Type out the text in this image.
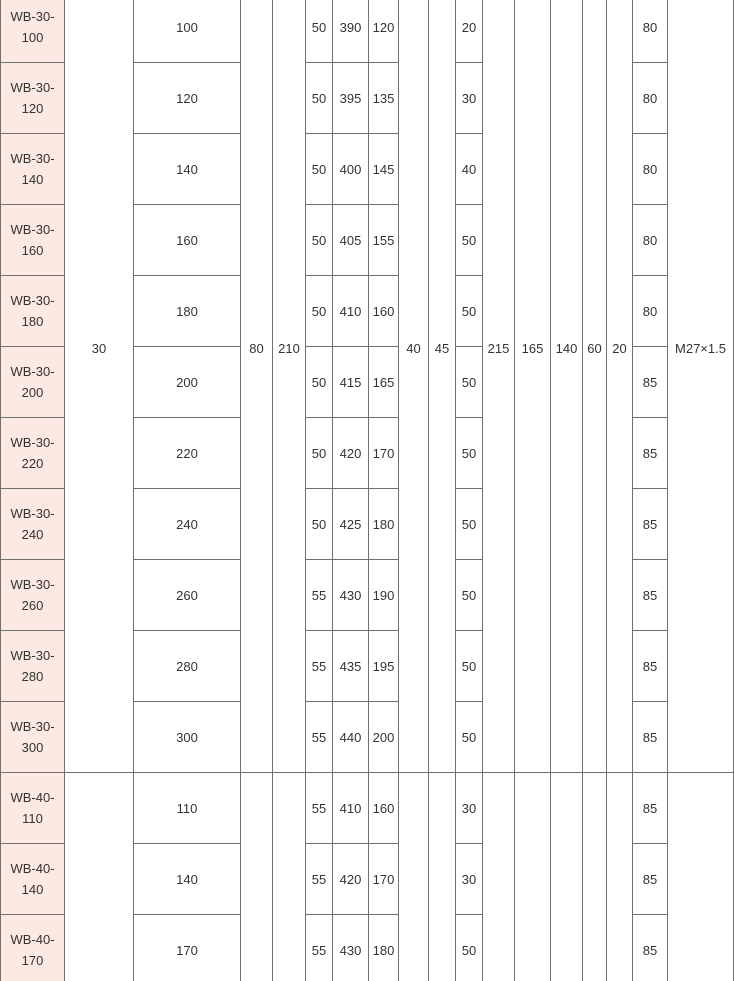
WB-30-100	30	100	80	210	50	390	120	40	45	20	215	165	140	60	20	80	M27×1.5
WB-30-120		120			50	395	135			30						80	
WB-30-140		140			50	400	145			40						80	
WB-30-160		160			50	405	155			50						80	
WB-30-180		180			50	410	160			50						80	
WB-30-200		200			50	415	165			50						85	
WB-30-220		220			50	420	170			50						85	
WB-30-240		240			50	425	180			50						85	
WB-30-260		260			55	430	190			50						85	
WB-30-280		280			55	435	195			50						85	
WB-30-300		300			55	440	200			50						85	
WB-40-110		110			55	410	160			30						85	
WB-40-140		140			55	420	170			30						85	
WB-40-170		170			55	430	180			50						85	
